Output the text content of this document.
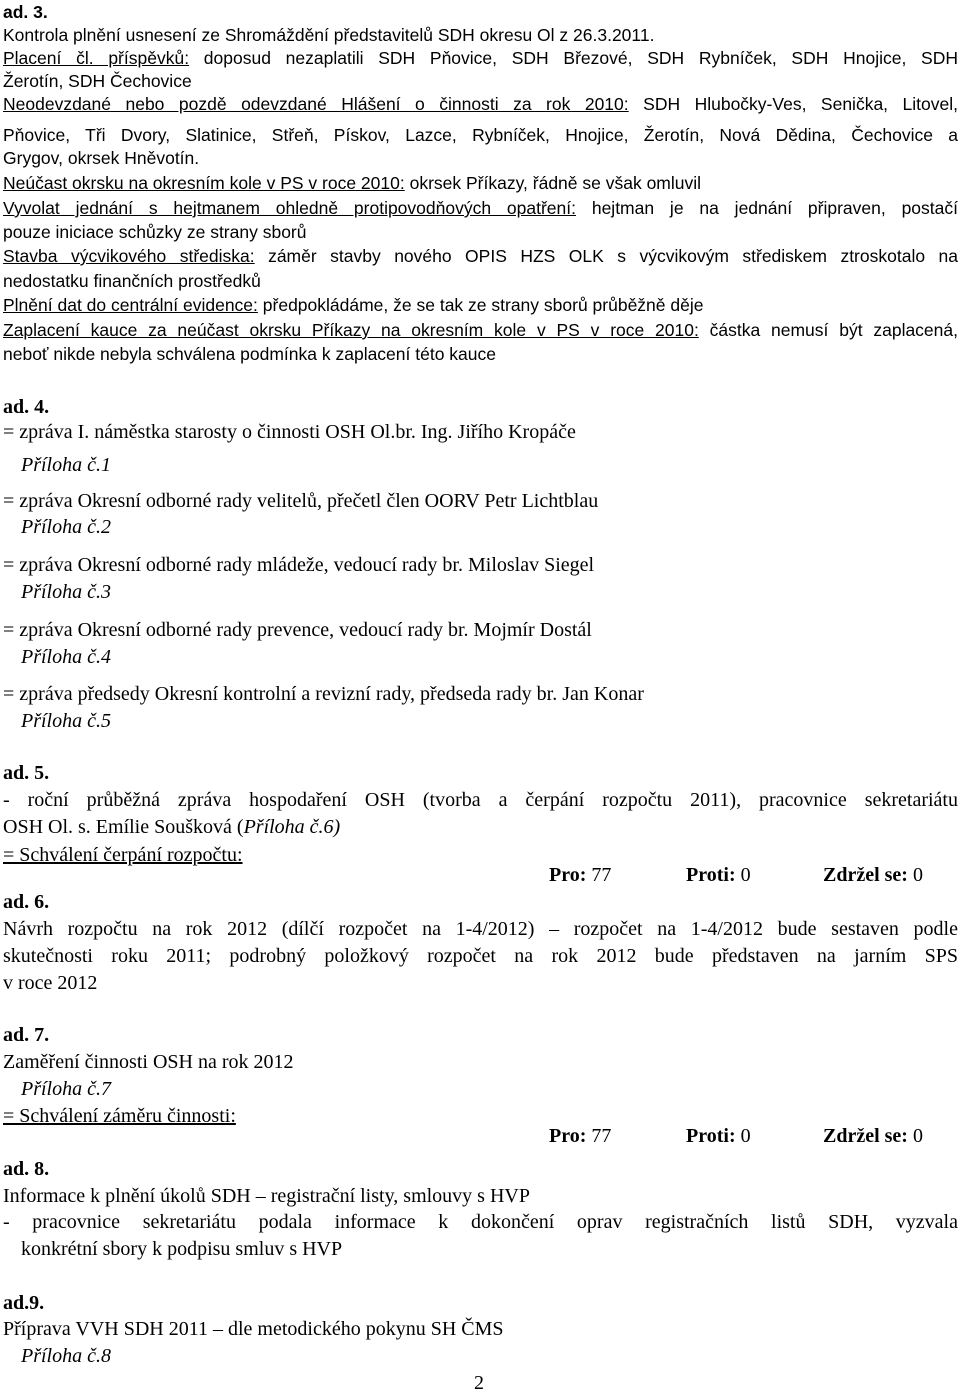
ad. 3.

Kontrola plnění usnesení ze Shromáždění představitelů SDH okresu Ol z 26.3.2011.

Placení čl. příspěvků: doposud nezaplatili SDH Pňovice, SDH Březové, SDH Rybníček, SDH Hnojice, SDH

Žerotín, SDH Čechovice

Neodevzdané nebo pozdě odevzdané Hlášení o činnosti za rok 2010: SDH Hlubočky-Ves, Senička, Litovel,

Pňovice, Tři Dvory, Slatinice, Střeň, Pískov, Lazce, Rybníček, Hnojice, Žerotín, Nová Dědina, Čechovice a

Grygov, okrsek Hněvotín.

Neúčast okrsku na okresním kole v PS v roce 2010: okrsek Příkazy, řádně se však omluvil

Vyvolat jednání s hejtmanem ohledně protipovodňových opatření: hejtman je na jednání připraven, postačí

pouze iniciace schůzky ze strany sborů

Stavba výcvikového střediska: záměr stavby nového OPIS HZS OLK s výcvikovým střediskem ztroskotalo na

nedostatku finančních prostředků

Plnění dat do centrální evidence: předpokládáme, že se tak ze strany sborů průběžně děje

Zaplacení kauce za neúčast okrsku Příkazy na okresním kole v PS v roce 2010: částka nemusí být zaplacená,

neboť nikde nebyla schválena podmínka k zaplacení této kauce

ad. 4.

= zpráva I. náměstka starosty o činnosti OSH Ol.br. Ing. Jiřího Kropáče

Příloha č.1

= zpráva Okresní odborné rady velitelů, přečetl člen OORV Petr Lichtblau

Příloha č.2

= zpráva Okresní odborné rady mládeže, vedoucí rady br. Miloslav Siegel

Příloha č.3

= zpráva Okresní odborné rady prevence, vedoucí rady br. Mojmír Dostál

Příloha č.4

= zpráva předsedy Okresní kontrolní a revizní rady, předseda rady br. Jan Konar

Příloha č.5

ad. 5.

- roční průběžná zpráva hospodaření OSH (tvorba a čerpání rozpočtu 2011), pracovnice sekretariátu

OSH Ol. s. Emílie Soušková (Příloha č.6)

= Schválení čerpání rozpočtu:

Pro: 77	Proti: 0	Zdržel se: 0

ad. 6.

Návrh rozpočtu na rok 2012 (dílčí rozpočet na 1-4/2012) – rozpočet na 1-4/2012 bude sestaven podle

skutečnosti roku 2011; podrobný položkový rozpočet na rok 2012 bude představen na jarním SPS

v roce 2012

ad. 7.

Zaměření činnosti OSH na rok 2012

Příloha č.7

= Schválení záměru činnosti:

Pro: 77	Proti: 0	Zdržel se: 0

ad. 8.

Informace k plnění úkolů SDH – registrační listy, smlouvy s HVP

- pracovnice sekretariátu podala informace k dokončení oprav registračních listů SDH, vyzvala

konkrétní sbory k podpisu smluv s HVP

ad.9.

Příprava VVH SDH 2011 – dle metodického pokynu SH ČMS

Příloha č.8

2
